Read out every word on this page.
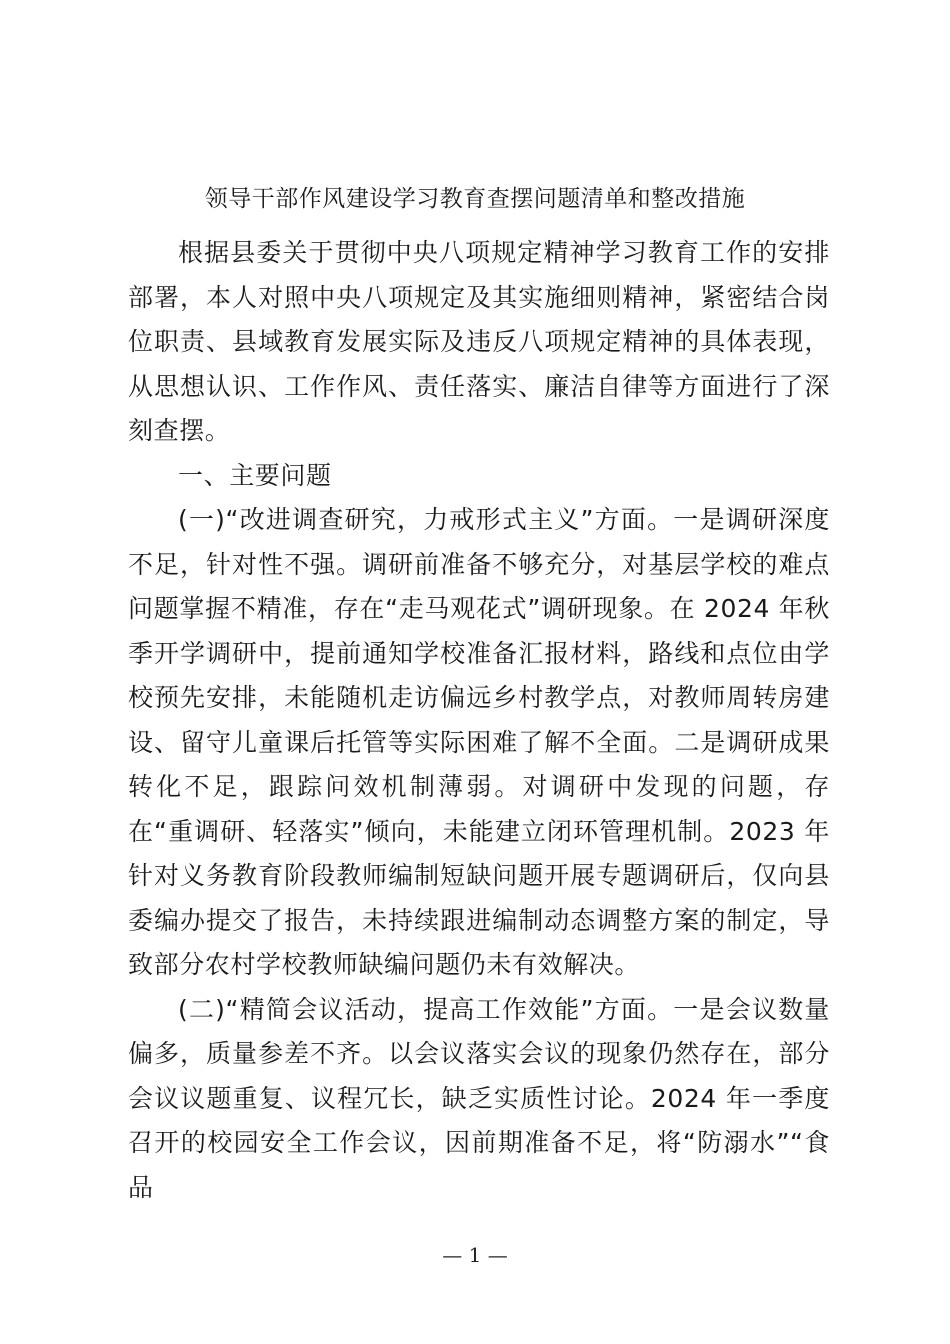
领导干部作风建设学习教育查摆问题清单和整改措施

根据县委关于贯彻中央八项规定精神学习教育工作的安排部署，本人对照中央八项规定及其实施细则精神，紧密结合岗位职责、县域教育发展实际及违反八项规定精神的具体表现，从思想认识、工作作风、责任落实、廉洁自律等方面进行了深刻查摆。

一、主要问题

(一)“改进调查研究，力戒形式主义”方面。一是调研深度不足，针对性不强。调研前准备不够充分，对基层学校的难点问题掌握不精准，存在“走马观花式”调研现象。在 2024 年秋季开学调研中，提前通知学校准备汇报材料，路线和点位由学校预先安排，未能随机走访偏远乡村教学点，对教师周转房建设、留守儿童课后托管等实际困难了解不全面。二是调研成果转化不足，跟踪问效机制薄弱。对调研中发现的问题，存在“重调研、轻落实”倾向，未能建立闭环管理机制。2023 年针对义务教育阶段教师编制短缺问题开展专题调研后，仅向县委编办提交了报告，未持续跟进编制动态调整方案的制定，导致部分农村学校教师缺编问题仍未有效解决。

(二)“精简会议活动，提高工作效能”方面。一是会议数量偏多，质量参差不齐。以会议落实会议的现象仍然存在，部分会议议题重复、议程冗长，缺乏实质性讨论。2024 年一季度召开的校园安全工作会议，因前期准备不足，将“防溺水”“食品

— 1 —
